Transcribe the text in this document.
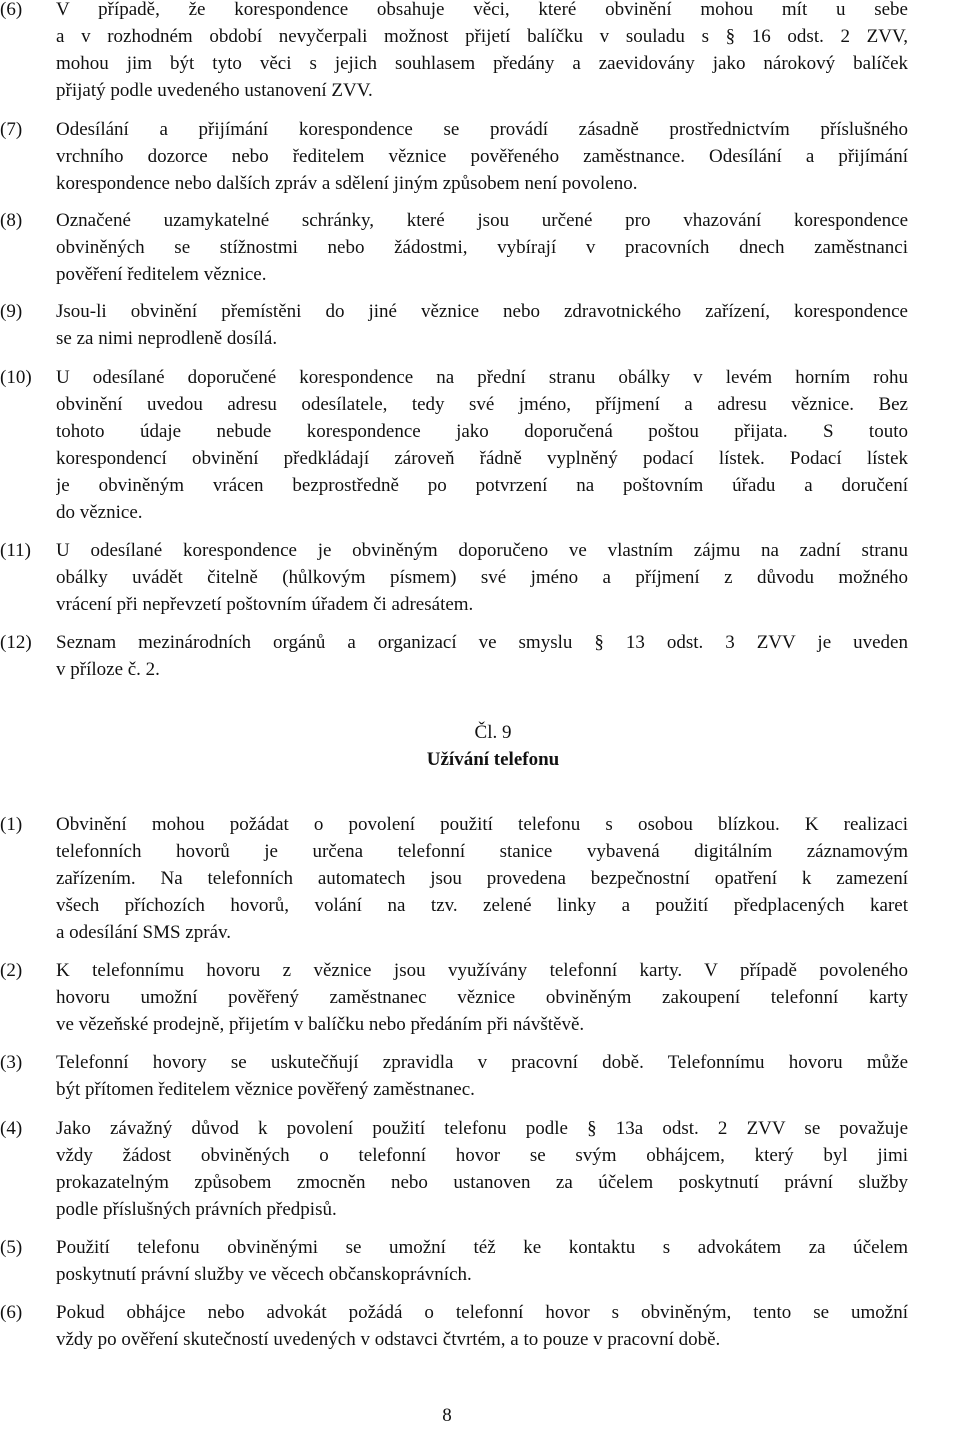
(6)	V případě, že korespondence obsahuje věci, které obvinění mohou mít u sebe
a v rozhodném období nevyčerpali možnost přijetí balíčku v souladu s § 16 odst. 2 ZVV,
mohou jim být tyto věci s jejich souhlasem předány a zaevidovány jako nárokový balíček
přijatý podle uvedeného ustanovení ZVV.
(7)	Odesílání a přijímání korespondence se provádí zásadně prostřednictvím příslušného
vrchního dozorce nebo ředitelem věznice pověřeného zaměstnance. Odesílání a přijímání
korespondence nebo dalších zpráv a sdělení jiným způsobem není povoleno.
(8)	Označené uzamykatelné schránky, které jsou určené pro vhazování korespondence
obviněných se stížnostmi nebo žádostmi, vybírají v pracovních dnech zaměstnanci
pověření ředitelem věznice.
(9)	Jsou-li obvinění přemístěni do jiné věznice nebo zdravotnického zařízení, korespondence
se za nimi neprodleně dosílá.
(10)	U odesílané doporučené korespondence na přední stranu obálky v levém horním rohu
obvinění uvedou adresu odesílatele, tedy své jméno, příjmení a adresu věznice. Bez
tohoto údaje nebude korespondence jako doporučená poštou přijata. S touto
korespondencí obvinění předkládají zároveň řádně vyplněný podací lístek. Podací lístek
je obviněným vrácen bezprostředně po potvrzení na poštovním úřadu a doručení
do věznice.
(11)	U odesílané korespondence je obviněným doporučeno ve vlastním zájmu na zadní stranu
obálky uvádět čitelně (hůlkovým písmem) své jméno a příjmení z důvodu možného
vrácení při nepřevzetí poštovním úřadem či adresátem.
(12)	Seznam mezinárodních orgánů a organizací ve smyslu § 13 odst. 3 ZVV je uveden
v příloze č. 2.
Čl. 9
Užívání telefonu
(1)	Obvinění mohou požádat o povolení použití telefonu s osobou blízkou. K realizaci
telefonních hovorů je určena telefonní stanice vybavená digitálním záznamovým
zařízením. Na telefonních automatech jsou provedena bezpečnostní opatření k zamezení
všech příchozích hovorů, volání na tzv. zelené linky a použití předplacených karet
a odesílání SMS zpráv.
(2)	K telefonnímu hovoru z věznice jsou využívány telefonní karty. V případě povoleného
hovoru umožní pověřený zaměstnanec věznice obviněným zakoupení telefonní karty
ve vězeňské prodejně, přijetím v balíčku nebo předáním při návštěvě.
(3)	Telefonní hovory se uskutečňují zpravidla v pracovní době. Telefonnímu hovoru může
být přítomen ředitelem věznice pověřený zaměstnanec.
(4)	Jako závažný důvod k povolení použití telefonu podle § 13a odst. 2 ZVV se považuje
vždy žádost obviněných o telefonní hovor se svým obhájcem, který byl jimi
prokazatelným způsobem zmocněn nebo ustanoven za účelem poskytnutí právní služby
podle příslušných právních předpisů.
(5)	Použití telefonu obviněnými se umožní též ke kontaktu s advokátem za účelem
poskytnutí právní služby ve věcech občanskoprávních.
(6)	Pokud obhájce nebo advokát požádá o telefonní hovor s obviněným, tento se umožní
vždy po ověření skutečností uvedených v odstavci čtvrtém, a to pouze v pracovní době.
8
